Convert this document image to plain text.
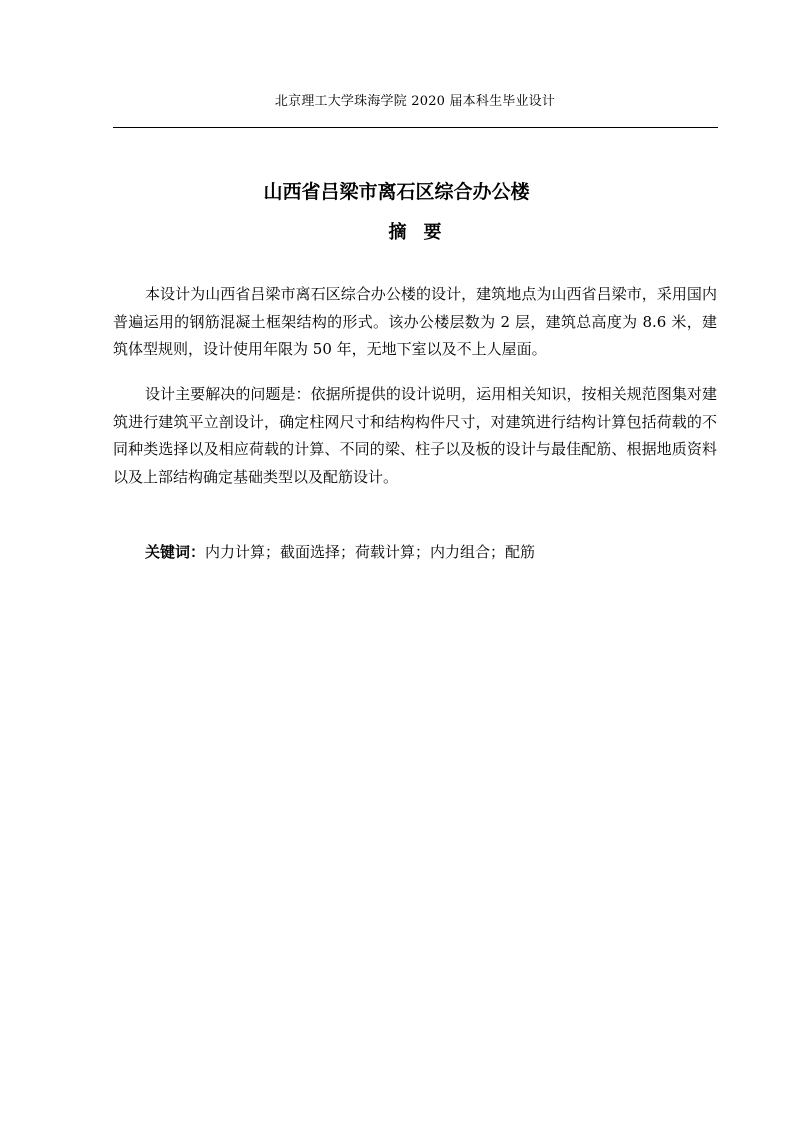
北京理工大学珠海学院 2020 届本科生毕业设计
山西省吕梁市离石区综合办公楼
摘要

本设计为山西省吕梁市离石区综合办公楼的设计，建筑地点为山西省吕梁市，采用国内普遍运用的钢筋混凝土框架结构的形式。该办公楼层数为 2 层，建筑总高度为 8.6 米，建筑体型规则，设计使用年限为 50 年，无地下室以及不上人屋面。

设计主要解决的问题是：依据所提供的设计说明，运用相关知识，按相关规范图集对建筑进行建筑平立剖设计，确定柱网尺寸和结构构件尺寸，对建筑进行结构计算包括荷载的不同种类选择以及相应荷载的计算、不同的梁、柱子以及板的设计与最佳配筋、根据地质资料以及上部结构确定基础类型以及配筋设计。

关键词：内力计算；截面选择；荷载计算；内力组合；配筋
